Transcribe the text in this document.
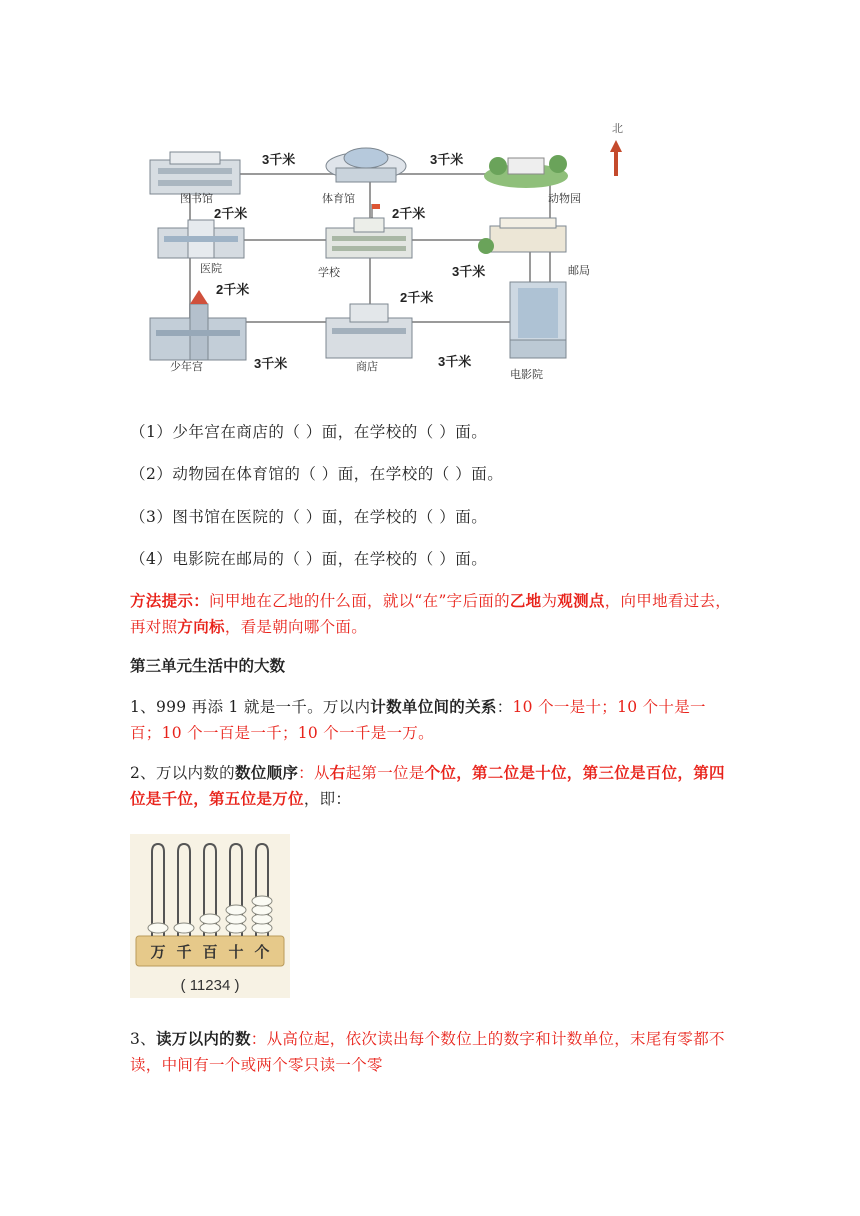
北
图书馆	体育馆	动物园
医院	学校	邮局
少年宫	商店
电影院
3千米	3千米
2千米	2千米
2千米
2千米
3千米
3千米	3千米
（1）少年宫在商店的（ ）面，在学校的（ ）面。
（2）动物园在体育馆的（ ）面，在学校的（ ）面。
（3）图书馆在医院的（ ）面，在学校的（ ）面。
（4）电影院在邮局的（ ）面，在学校的（ ）面。
方法提示：问甲地在乙地的什么面，就以“在”字后面的乙地为观测点，向甲地看过去，再对照方向标，看是朝向哪个面。
第三单元生活中的大数
1、999 再添 1 就是一千。万以内计数单位间的关系：10 个一是十；10 个十是一百；10 个一百是一千；10 个一千是一万。
2、万以内数的数位顺序：从右起第一位是个位，第二位是十位，第三位是百位，第四位是千位，第五位是万位，即：
万 千 百 十 个
( 11234 )
3、读万以内的数：从高位起，依次读出每个数位上的数字和计数单位，末尾有零都不读，中间有一个或两个零只读一个零
